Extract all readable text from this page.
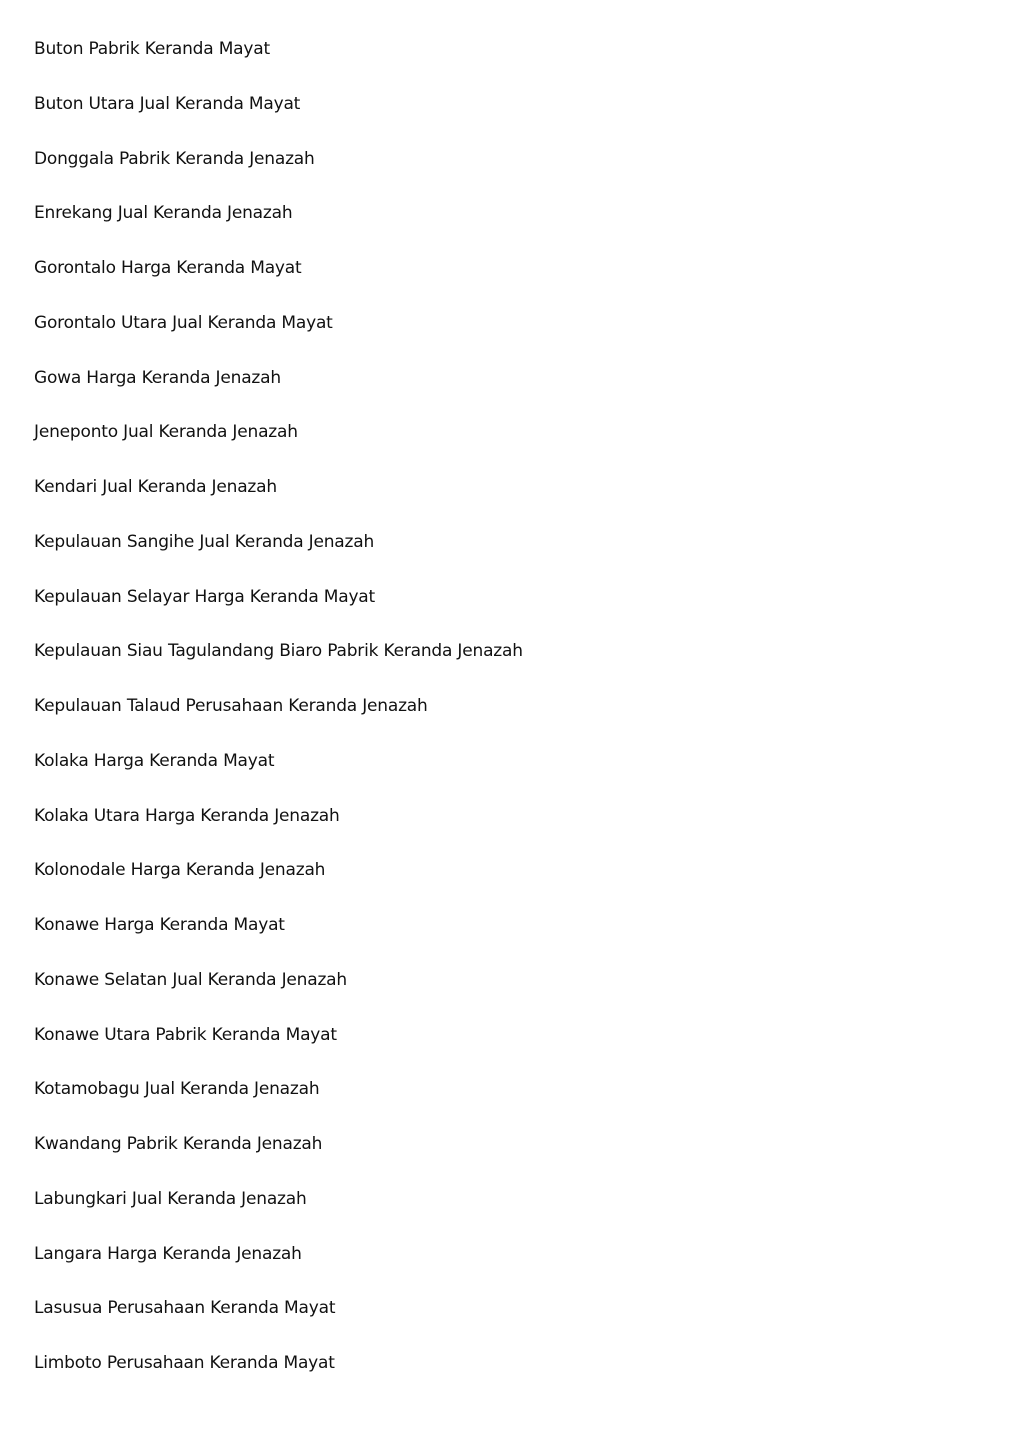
Buton Pabrik Keranda Mayat
Buton Utara Jual Keranda Mayat
Donggala Pabrik Keranda Jenazah
Enrekang Jual Keranda Jenazah
Gorontalo Harga Keranda Mayat
Gorontalo Utara Jual Keranda Mayat
Gowa Harga Keranda Jenazah
Jeneponto Jual Keranda Jenazah
Kendari Jual Keranda Jenazah
Kepulauan Sangihe Jual Keranda Jenazah
Kepulauan Selayar Harga Keranda Mayat
Kepulauan Siau Tagulandang Biaro Pabrik Keranda Jenazah
Kepulauan Talaud Perusahaan Keranda Jenazah
Kolaka Harga Keranda Mayat
Kolaka Utara Harga Keranda Jenazah
Kolonodale Harga Keranda Jenazah
Konawe Harga Keranda Mayat
Konawe Selatan Jual Keranda Jenazah
Konawe Utara Pabrik Keranda Mayat
Kotamobagu Jual Keranda Jenazah
Kwandang Pabrik Keranda Jenazah
Labungkari Jual Keranda Jenazah
Langara Harga Keranda Jenazah
Lasusua Perusahaan Keranda Mayat
Limboto Perusahaan Keranda Mayat
